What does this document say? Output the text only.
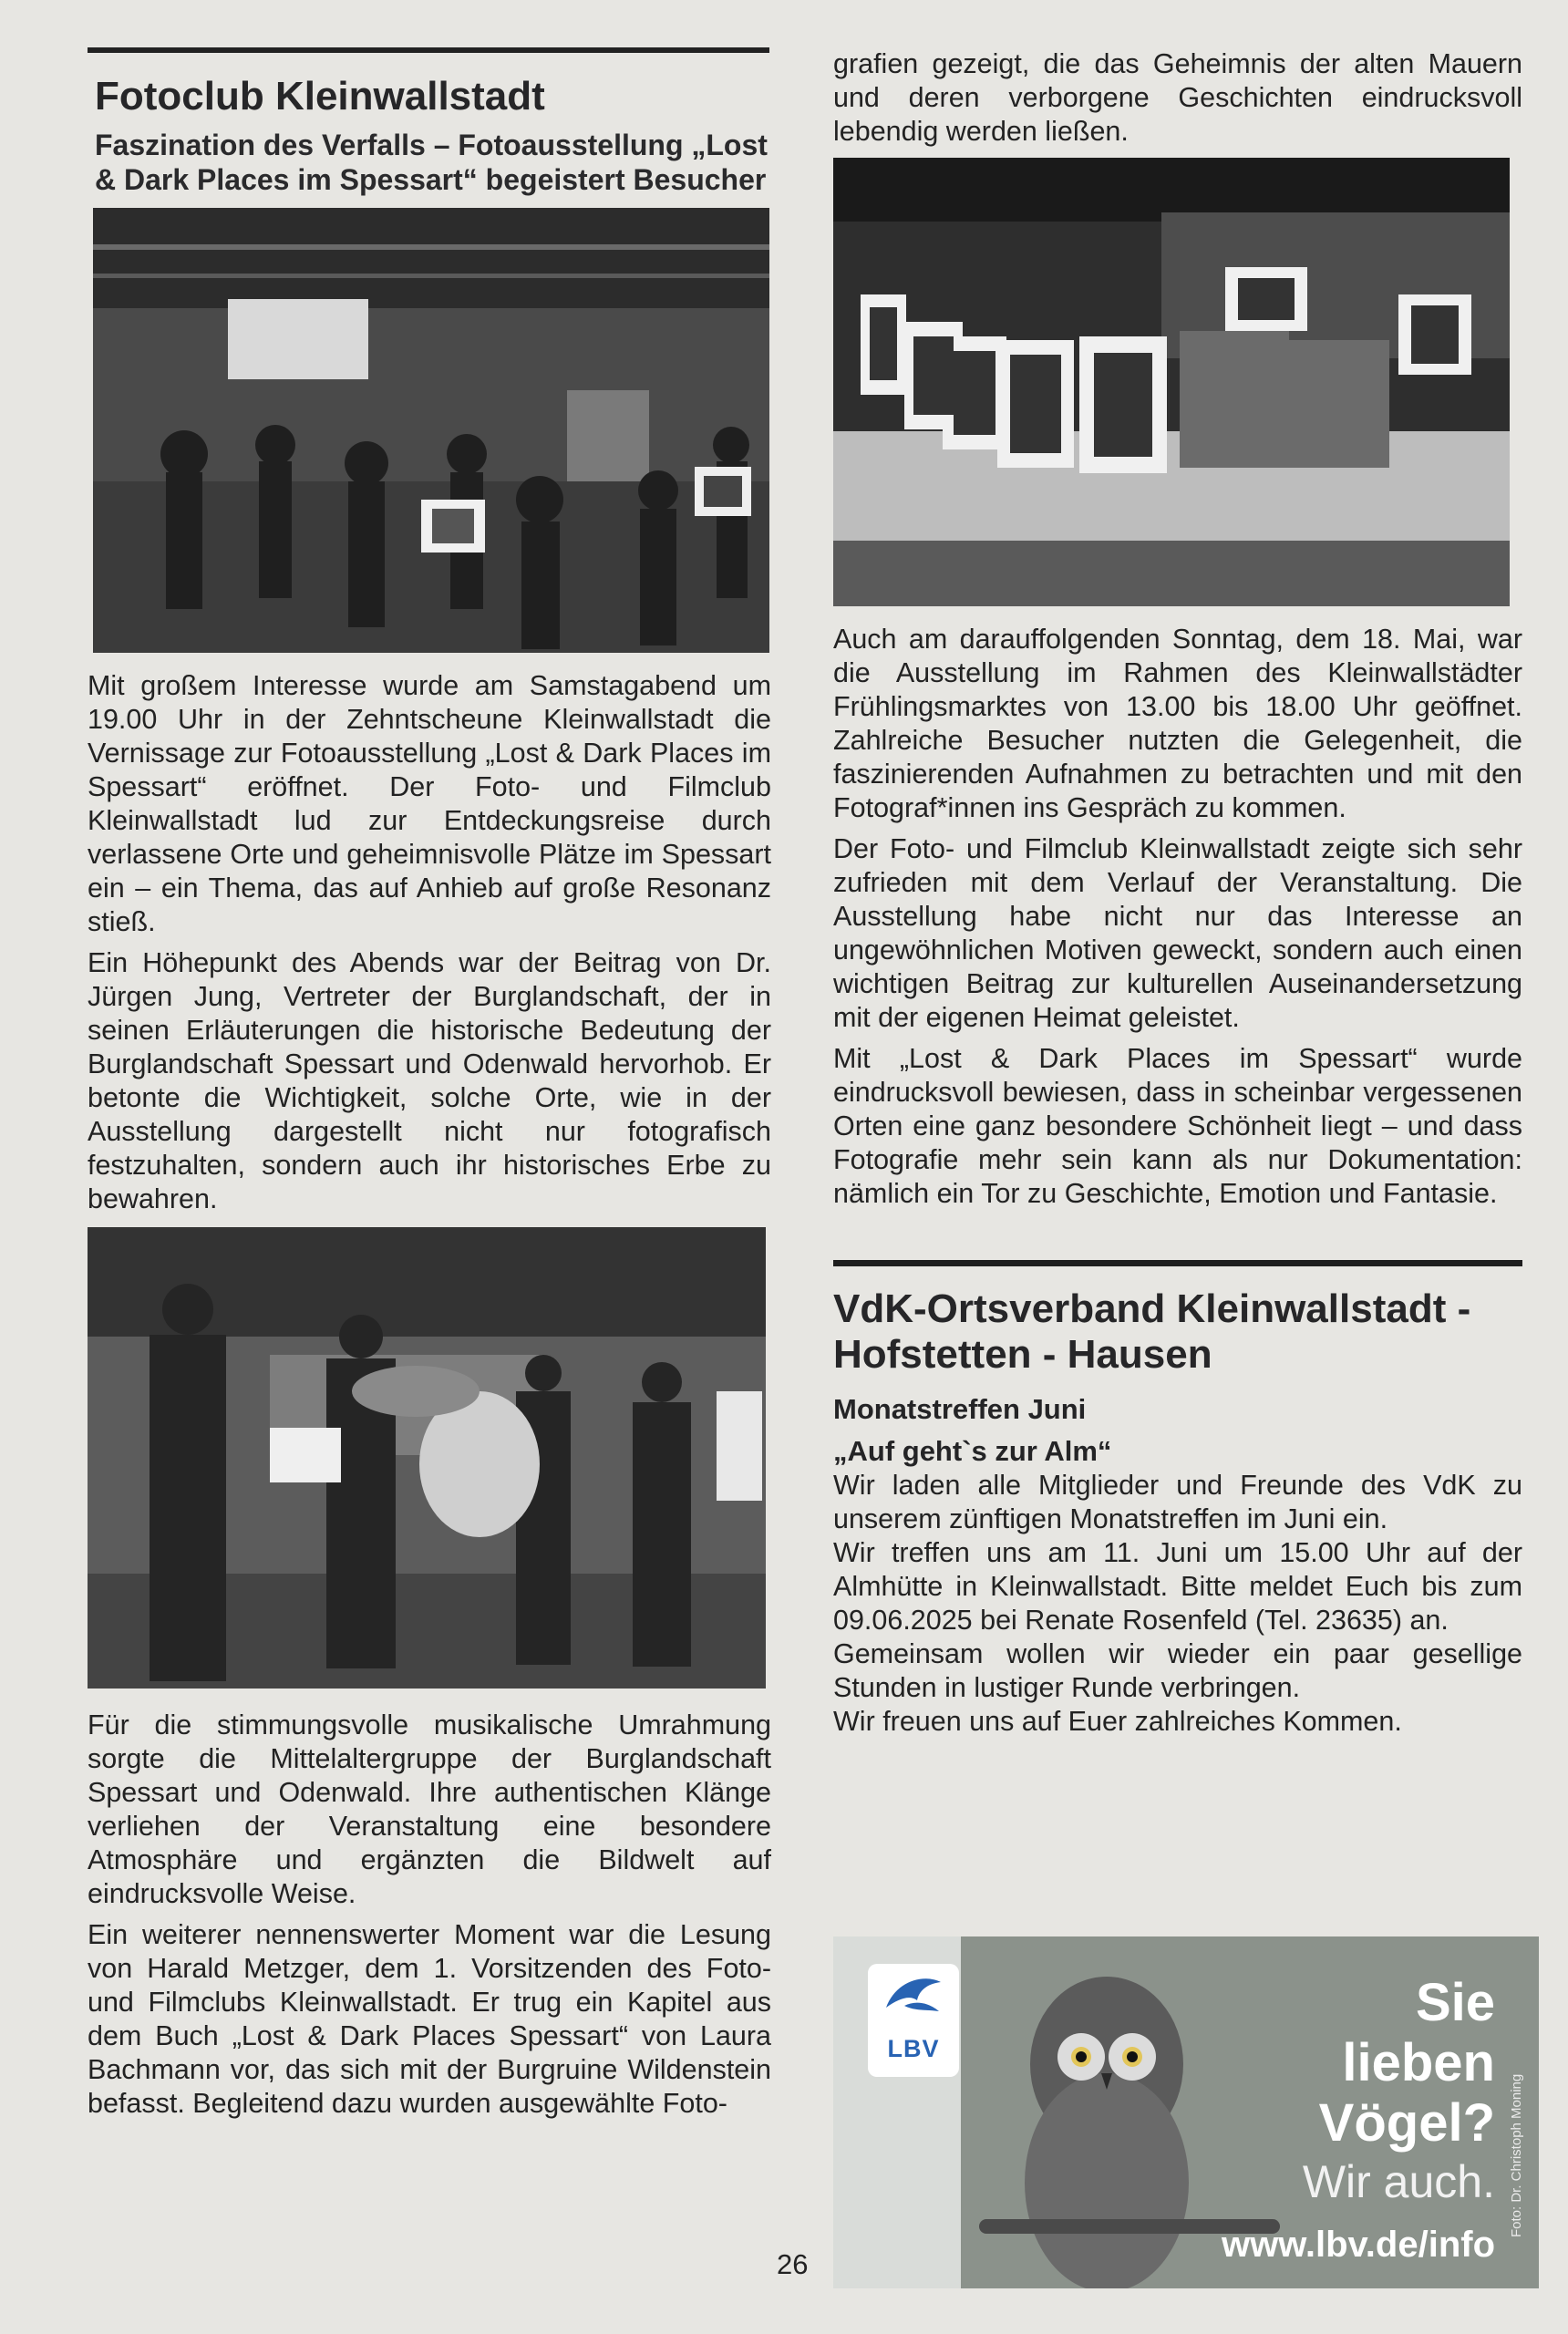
Fotoclub Kleinwallstadt
Faszination des Verfalls – Fotoausstellung „Lost & Dark Places im Spessart“ begeistert Besucher

Mit großem Interesse wurde am Samstagabend um 19.00 Uhr in der Zehntscheune Kleinwallstadt die Vernissage zur Fotoausstellung „Lost & Dark Places im Spessart“ eröffnet. Der Foto- und Filmclub Kleinwallstadt lud zur Entdeckungsreise durch verlassene Orte und geheimnisvolle Plätze im Spessart ein – ein Thema, das auf Anhieb auf große Resonanz stieß.

Ein Höhepunkt des Abends war der Beitrag von Dr. Jürgen Jung, Vertreter der Burglandschaft, der in seinen Erläuterungen die historische Bedeutung der Burglandschaft Spessart und Odenwald hervorhob. Er betonte die Wichtigkeit, solche Orte, wie in der Ausstellung dargestellt nicht nur fotografisch festzuhalten, sondern auch ihr historisches Erbe zu bewahren.

Für die stimmungsvolle musikalische Umrahmung sorgte die Mittelaltergruppe der Burglandschaft Spessart und Odenwald. Ihre authentischen Klänge verliehen der Veranstaltung eine besondere Atmosphäre und ergänzten die Bildwelt auf eindrucksvolle Weise.

Ein weiterer nennenswerter Moment war die Lesung von Harald Metzger, dem 1. Vorsitzenden des Foto- und Filmclubs Kleinwallstadt. Er trug ein Kapitel aus dem Buch „Lost & Dark Places Spessart“ von Laura Bachmann vor, das sich mit der Burgruine Wildenstein befasst. Begleitend dazu wurden ausgewählte Foto-

grafien gezeigt, die das Geheimnis der alten Mauern und deren verborgene Geschichten eindrucksvoll lebendig werden ließen.

Auch am darauffolgenden Sonntag, dem 18. Mai, war die Ausstellung im Rahmen des Kleinwallstädter Frühlingsmarktes von 13.00 bis 18.00 Uhr geöffnet. Zahlreiche Besucher nutzten die Gelegenheit, die faszinierenden Aufnahmen zu betrachten und mit den Fotograf*innen ins Gespräch zu kommen.

Der Foto- und Filmclub Kleinwallstadt zeigte sich sehr zufrieden mit dem Verlauf der Veranstaltung. Die Ausstellung habe nicht nur das Interesse an ungewöhnlichen Motiven geweckt, sondern auch einen wichtigen Beitrag zur kulturellen Auseinandersetzung mit der eigenen Heimat geleistet.

Mit „Lost & Dark Places im Spessart“ wurde eindrucksvoll bewiesen, dass in scheinbar vergessenen Orten eine ganz besondere Schönheit liegt – und dass Fotografie mehr sein kann als nur Dokumentation: nämlich ein Tor zu Geschichte, Emotion und Fantasie.

VdK-Ortsverband Kleinwallstadt - Hofstetten - Hausen
Monatstreffen Juni
„Auf geht`s zur Alm“

Wir laden alle Mitglieder und Freunde des VdK zu unserem zünftigen Monatstreffen im Juni ein.

Wir treffen uns am 11. Juni um 15.00 Uhr auf der Almhütte in Kleinwallstadt. Bitte meldet Euch bis zum 09.06.2025 bei Renate Rosenfeld (Tel. 23635) an.

Gemeinsam wollen wir wieder ein paar gesellige Stunden in lustiger Runde verbringen.

Wir freuen uns auf Euer zahlreiches Kommen.

LBV
Sie lieben Vögel?
Wir auch.
www.lbv.de/info
Foto: Dr. Christoph Moning
26
